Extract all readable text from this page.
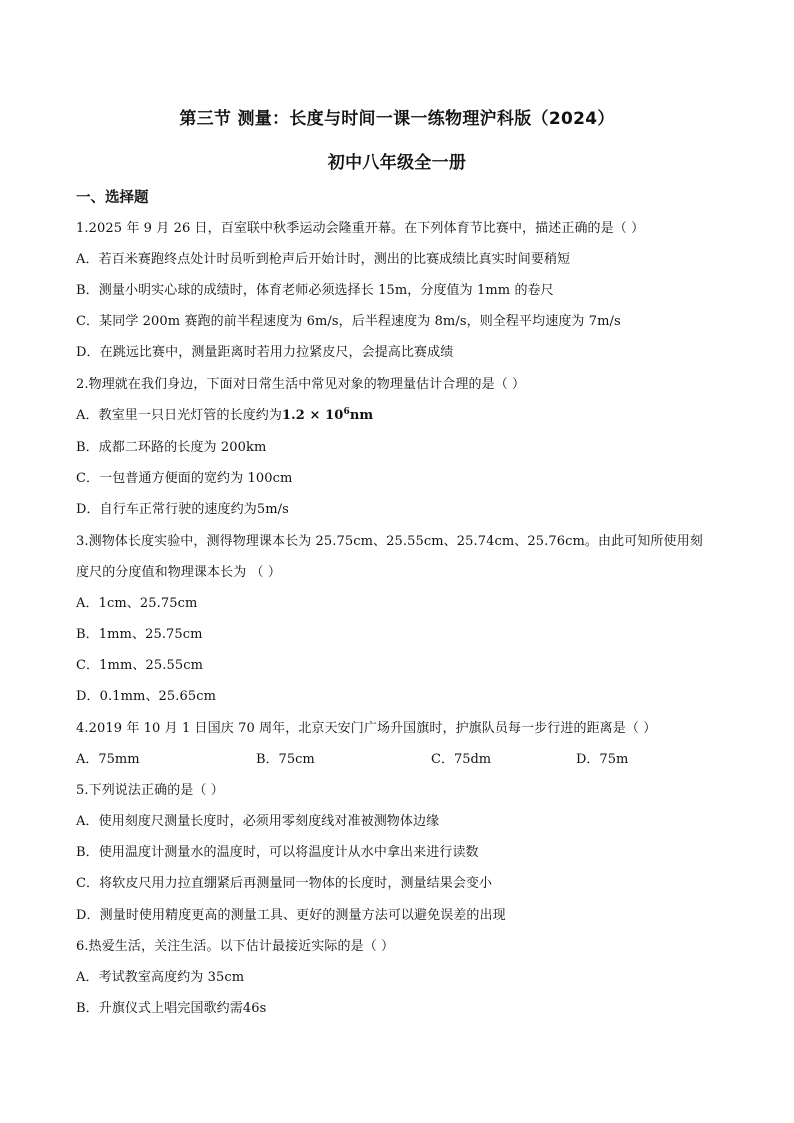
第三节 测量：长度与时间一课一练物理沪科版（2024）
初中八年级全一册
一、选择题
1.2025 年 9 月 26 日，百室联中秋季运动会隆重开幕。在下列体育节比赛中，描述正确的是（ ）
A．若百米赛跑终点处计时员听到枪声后开始计时，测出的比赛成绩比真实时间要稍短
B．测量小明实心球的成绩时，体育老师必须选择长 15m，分度值为 1mm 的卷尺
C．某同学 200m 赛跑的前半程速度为 6m/s，后半程速度为 8m/s，则全程平均速度为 7m/s
D．在跳远比赛中，测量距离时若用力拉紧皮尺，会提高比赛成绩
2.物理就在我们身边，下面对日常生活中常见对象的物理量估计合理的是（ ）
A．教室里一只日光灯管的长度约为$1.2 \times 10^6nm$
B．成都二环路的长度为 200km
C．一包普通方便面的宽约为 100cm
D．自行车正常行驶的速度约为5m/s
3.测物体长度实验中，测得物理课本长为 25.75cm、25.55cm、25.74cm、25.76cm。由此可知所使用刻
度尺的分度值和物理课本长为 （ ）
A．1cm、25.75cm
B．1mm、25.75cm
C．1mm、25.55cm
D．0.1mm、25.65cm
4.2019 年 10 月 1 日国庆 70 周年，北京天安门广场升国旗时，护旗队员每一步行进的距离是（ ）
A．75mm	B．75cm	C．75dm	D．75m
5.下列说法正确的是（ ）
A．使用刻度尺测量长度时，必须用零刻度线对准被测物体边缘
B．使用温度计测量水的温度时，可以将温度计从水中拿出来进行读数
C．将软皮尺用力拉直绷紧后再测量同一物体的长度时，测量结果会变小
D．测量时使用精度更高的测量工具、更好的测量方法可以避免误差的出现
6.热爱生活，关注生活。以下估计最接近实际的是（ ）
A．考试教室高度约为 35cm
B．升旗仪式上唱完国歌约需46s
